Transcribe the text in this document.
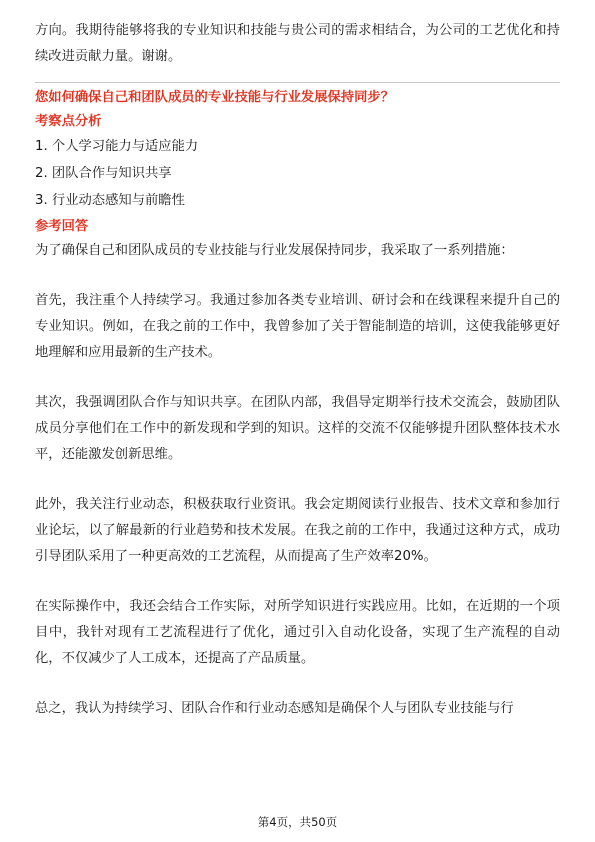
方向。我期待能够将我的专业知识和技能与贵公司的需求相结合，为公司的工艺优化和持续改进贡献力量。谢谢。

您如何确保自己和团队成员的专业技能与行业发展保持同步？

考察点分析

1. 个人学习能力与适应能力

2. 团队合作与知识共享

3. 行业动态感知与前瞻性

参考回答

为了确保自己和团队成员的专业技能与行业发展保持同步，我采取了一系列措施：

首先，我注重个人持续学习。我通过参加各类专业培训、研讨会和在线课程来提升自己的专业知识。例如，在我之前的工作中，我曾参加了关于智能制造的培训，这使我能够更好地理解和应用最新的生产技术。

其次，我强调团队合作与知识共享。在团队内部，我倡导定期举行技术交流会，鼓励团队成员分享他们在工作中的新发现和学到的知识。这样的交流不仅能够提升团队整体技术水平，还能激发创新思维。

此外，我关注行业动态，积极获取行业资讯。我会定期阅读行业报告、技术文章和参加行业论坛，以了解最新的行业趋势和技术发展。在我之前的工作中，我通过这种方式，成功引导团队采用了一种更高效的工艺流程，从而提高了生产效率20%。

在实际操作中，我还会结合工作实际，对所学知识进行实践应用。比如，在近期的一个项目中，我针对现有工艺流程进行了优化，通过引入自动化设备，实现了生产流程的自动化，不仅减少了人工成本，还提高了产品质量。

总之，我认为持续学习、团队合作和行业动态感知是确保个人与团队专业技能与行

第4页，共50页
